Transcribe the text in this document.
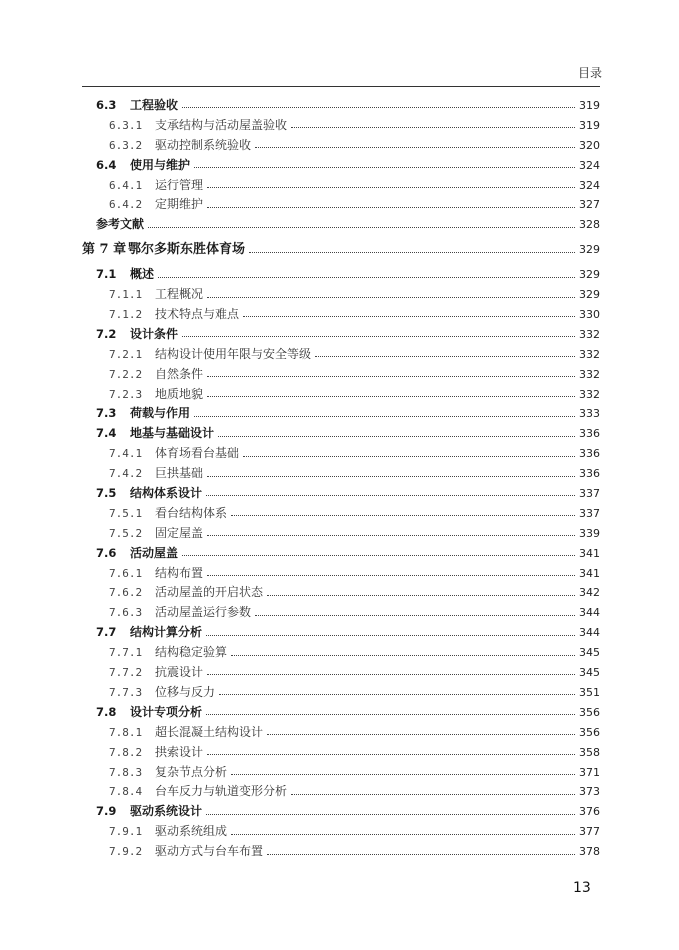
目录
6.3	工程验收	319
6.3.1	支承结构与活动屋盖验收	319
6.3.2	驱动控制系统验收	320
6.4	使用与维护	324
6.4.1	运行管理	324
6.4.2	定期维护	327
参考文献	328
第 7 章 鄂尔多斯东胜体育场	329
7.1	概述	329
7.1.1	工程概况	329
7.1.2	技术特点与难点	330
7.2	设计条件	332
7.2.1	结构设计使用年限与安全等级	332
7.2.2	自然条件	332
7.2.3	地质地貌	332
7.3	荷载与作用	333
7.4	地基与基础设计	336
7.4.1	体育场看台基础	336
7.4.2	巨拱基础	336
7.5	结构体系设计	337
7.5.1	看台结构体系	337
7.5.2	固定屋盖	339
7.6	活动屋盖	341
7.6.1	结构布置	341
7.6.2	活动屋盖的开启状态	342
7.6.3	活动屋盖运行参数	344
7.7	结构计算分析	344
7.7.1	结构稳定验算	345
7.7.2	抗震设计	345
7.7.3	位移与反力	351
7.8	设计专项分析	356
7.8.1	超长混凝土结构设计	356
7.8.2	拱索设计	358
7.8.3	复杂节点分析	371
7.8.4	台车反力与轨道变形分析	373
7.9	驱动系统设计	376
7.9.1	驱动系统组成	377
7.9.2	驱动方式与台车布置	378
13
